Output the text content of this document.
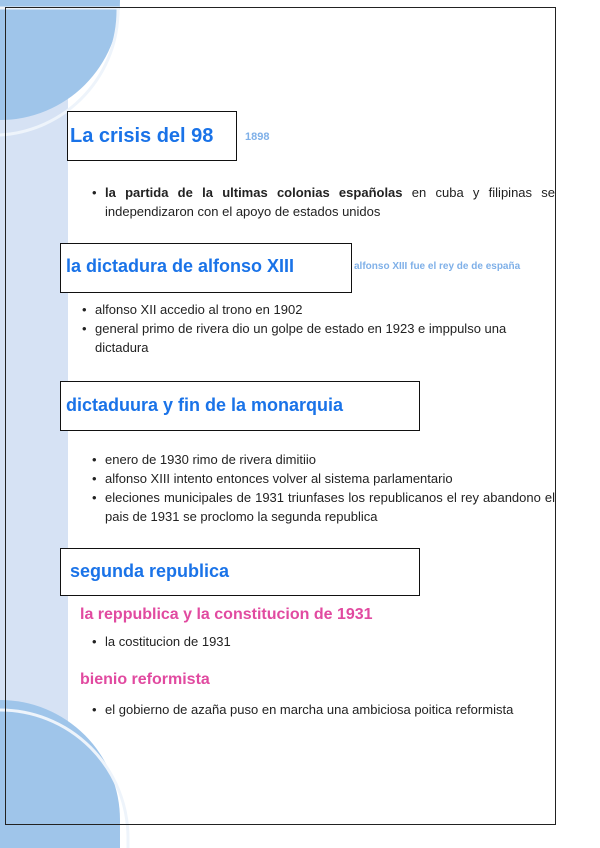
La crisis del 98	1898
• la partida de la ultimas colonias españolas en cuba y filipinas se independizaron con el apoyo de estados unidos
la dictadura de alfonso XIII	alfonso XIII fue el rey de de españa
• alfonso XII accedio al trono en 1902
• general primo de rivera dio un golpe de estado en 1923 e imppulso una dictadura
dictaduura y fin de la monarquia
• enero de 1930 rimo de rivera dimitiio
• alfonso XIII intento entonces volver al sistema parlamentario
• eleciones municipales de 1931 triunfases los republicanos el rey abandono el pais de 1931 se proclomo la segunda republica
segunda republica
la reppublica y la constitucion de 1931
• la costitucion de 1931
bienio reformista
• el gobierno de azaña puso en marcha una ambiciosa poitica reformista
